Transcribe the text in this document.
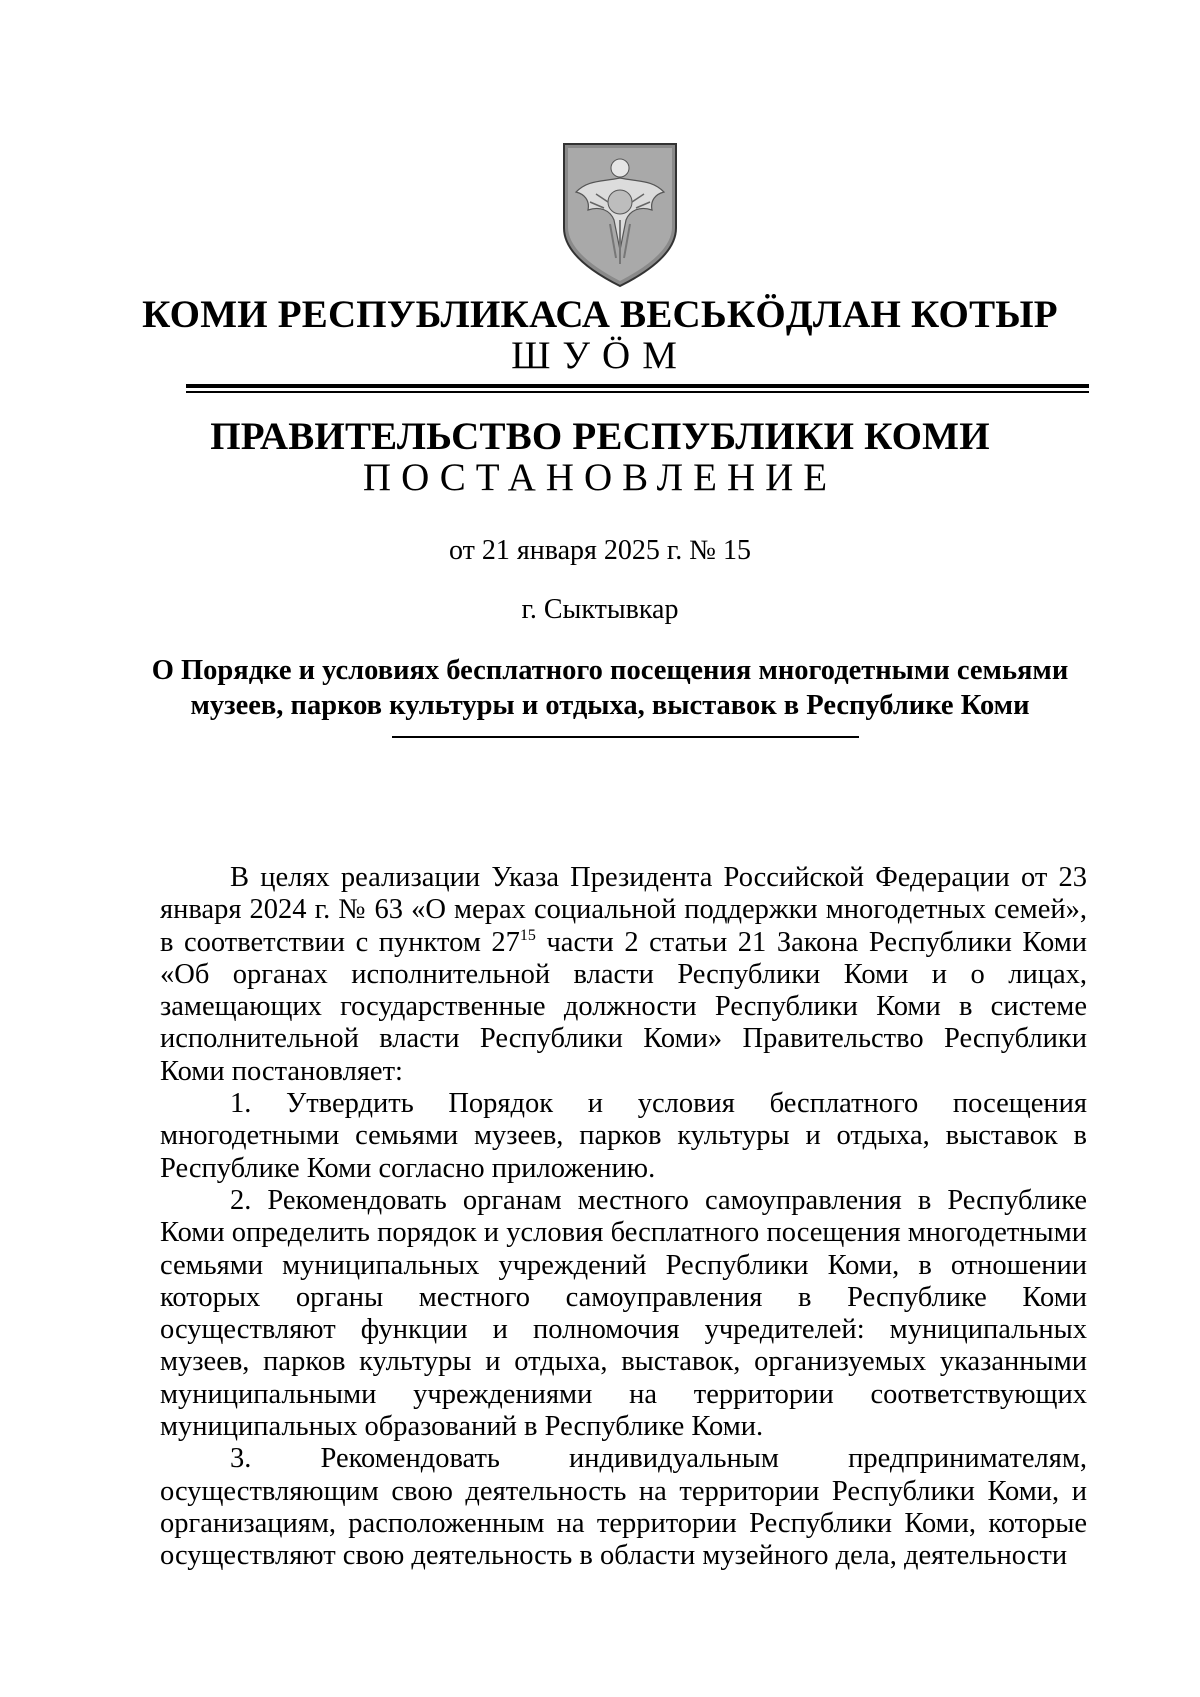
КОМИ РЕСПУБЛИКАСА ВЕСЬКӦДЛАН КОТЫР
ШУӦМ
ПРАВИТЕЛЬСТВО РЕСПУБЛИКИ КОМИ
ПОСТАНОВЛЕНИЕ
от 21 января 2025 г. № 15
г. Сыктывкар
О Порядке и условиях бесплатного посещения многодетными семьями
музеев, парков культуры и отдыха, выставок в Республике Коми

В целях реализации Указа Президента Российской Федерации от 23 января 2024 г. № 63 «О мерах социальной поддержки многодетных семей», в соответствии с пунктом $27^{15}$ части 2 статьи 21 Закона Республики Коми «Об органах исполнительной власти Республики Коми и о лицах, замещающих государственные должности Республики Коми в системе исполнительной власти Республики Коми» Правительство Республики Коми постановляет:

1. Утвердить Порядок и условия бесплатного посещения многодетными семьями музеев, парков культуры и отдыха, выставок в Республике Коми согласно приложению.

2. Рекомендовать органам местного самоуправления в Республике Коми определить порядок и условия бесплатного посещения многодетными семьями муниципальных учреждений Республики Коми, в отношении которых органы местного самоуправления в Республике Коми осуществляют функции и полномочия учредителей: муниципальных музеев, парков культуры и отдыха, выставок, организуемых указанными муниципальными учреждениями на территории соответствующих муниципальных образований в Республике Коми.

3. Рекомендовать индивидуальным предпринимателям, осуществляющим свою деятельность на территории Республики Коми, и организациям, расположенным на территории Республики Коми, которые осуществляют свою деятельность в области музейного дела, деятельности
